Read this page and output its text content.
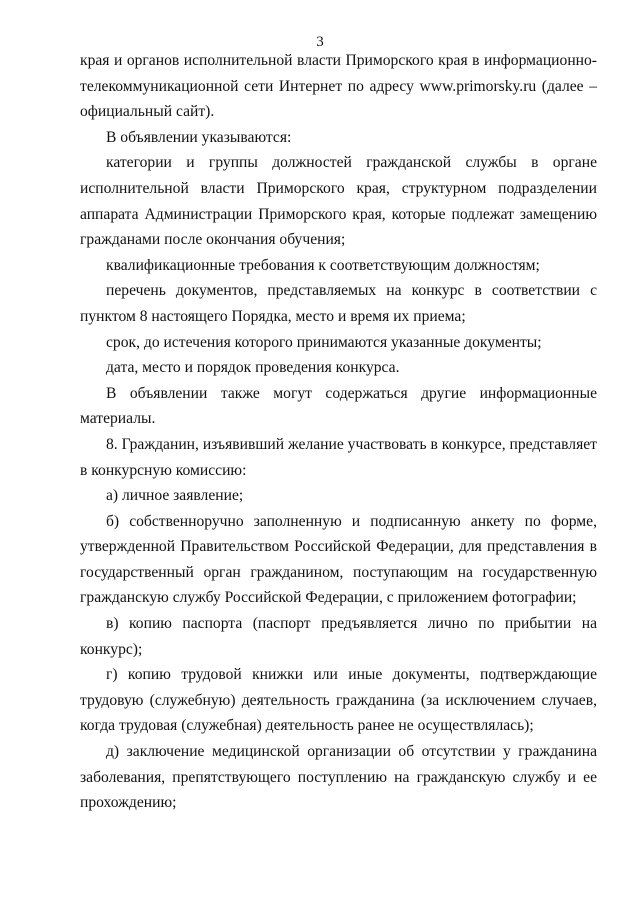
3

края и органов исполнительной власти Приморского края в информационно-телекоммуникационной сети Интернет по адресу www.primorsky.ru (далее – официальный сайт).

В объявлении указываются:

категории и группы должностей гражданской службы в органе исполнительной власти Приморского края, структурном подразделении аппарата Администрации Приморского края, которые подлежат замещению гражданами после окончания обучения;

квалификационные требования к соответствующим должностям;

перечень документов, представляемых на конкурс в соответствии с пунктом 8 настоящего Порядка, место и время их приема;

срок, до истечения которого принимаются указанные документы;

дата, место и порядок проведения конкурса.

В объявлении также могут содержаться другие информационные материалы.

8. Гражданин, изъявивший желание участвовать в конкурсе, представляет в конкурсную комиссию:

а) личное заявление;

б) собственноручно заполненную и подписанную анкету по форме, утвержденной Правительством Российской Федерации, для представления в государственный орган гражданином, поступающим на государственную гражданскую службу Российской Федерации, с приложением фотографии;

в) копию паспорта (паспорт предъявляется лично по прибытии на конкурс);

г) копию трудовой книжки или иные документы, подтверждающие трудовую (служебную) деятельность гражданина (за исключением случаев, когда трудовая (служебная) деятельность ранее не осуществлялась);

д) заключение медицинской организации об отсутствии у гражданина заболевания, препятствующего поступлению на гражданскую службу и ее прохождению;
